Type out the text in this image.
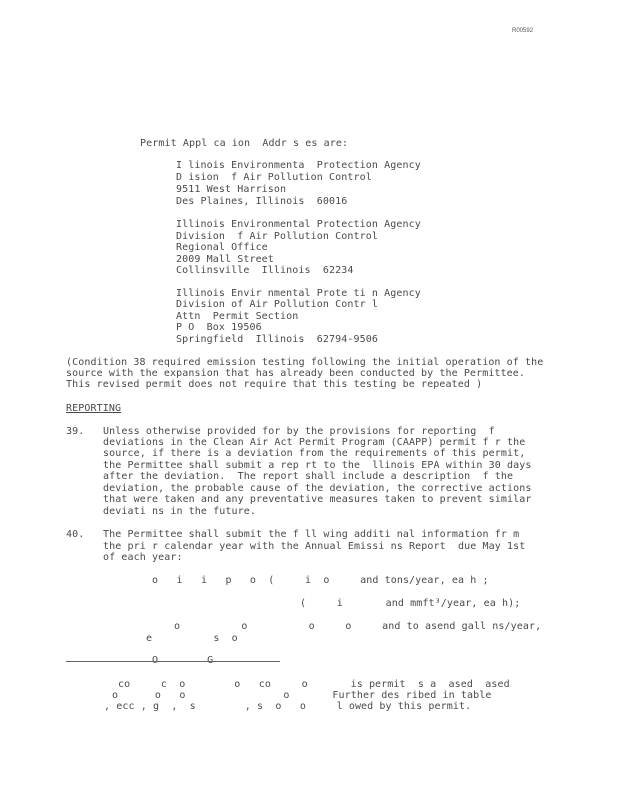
R00592
Permit Appl ca ion  Addr s es are:
I linois Environmenta  Protection Agency
D ision  f Air Pollution Control
9511 West Harrison
Des Plaines, Illinois  60016
Illinois Environmental Protection Agency
Division  f Air Pollution Control
Regional Office
2009 Mall Street
Collinsville  Illinois  62234
Illinois Envir nmental Prote ti n Agency
Division of Air Pollution Contr l
Attn  Permit Section
P O  Box 19506
Springfield  Illinois  62794-9506
(Condition 38 required emission testing following the initial operation of the
source with the expansion that has already been conducted by the Permittee.
This revised permit does not require that this testing be repeated )
REPORTING
39. Unless otherwise provided for by the provisions for reporting  f
deviations in the Clean Air Act Permit Program (CAAPP) permit f r the
source, if there is a deviation from the requirements of this permit,
the Permittee shall submit a rep rt to the  llinois EPA within 30 days
after the deviation.  The report shall include a description  f the
deviation, the probable cause of the deviation, the corrective actions
that were taken and any preventative measures taken to prevent similar
deviati ns in the future.
40. The Permittee shall submit the f ll wing additi nal information fr m
the pri r calendar year with the Annual Emissi ns Report  due May 1st
of each year:
o   i   i   p   o  (     i  o     and tons/year, ea h ;
(     i       and mmft³/year, ea h);
o          o          o     o     and to asend gall ns/year,
e          s  o
O        G
co     c  o        o   co     o       is permit  s a  ased  ased
o      o   o                o       Further des ribed in table
, ecc , g  ,  s        , s  o   o     l owed by this permit.
